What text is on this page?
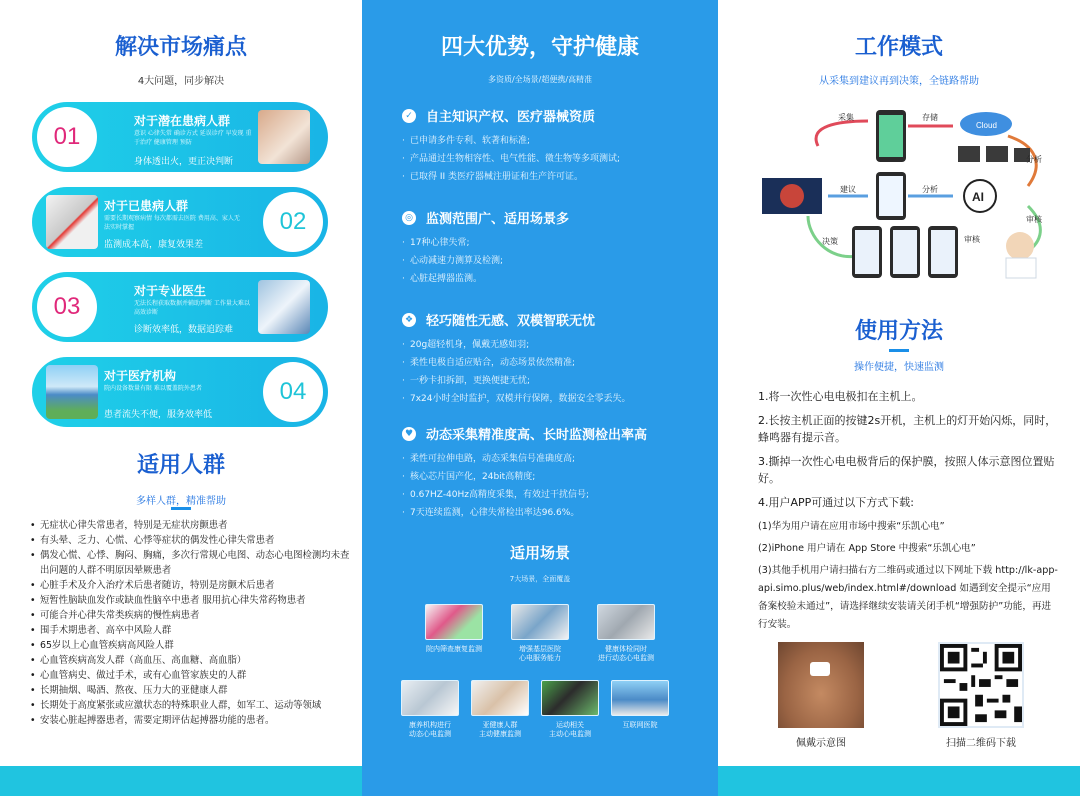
解决市场痛点
4大问题，同步解决
01
对于潜在患病人群
意识 心律失常 确诊方式 延误诊疗 早发现 重于治疗 健康管理 预防
身体透出火，更正决判断
对于已患病人群
需要长期观察病情 每次都需去医院 费用高、家人无法实时掌握
监测成本高，康复效果差
02
03
对于专业医生
无法长程获取数据并辅助判断 工作量大难以高效诊断
诊断效率低，数据追踪难
对于医疗机构
院内设备数量有限 难以覆盖院外患者
患者流失不便，服务效率低
04
适用人群
多样人群，精准帮助
• 无症状心律失常患者，特别是无症状房颤患者
• 有头晕、乏力、心慌、心悸等症状的偶发性心律失常患者
• 偶发心慌、心悸、胸闷、胸痛，多次行常规心电图、动态心电图检测均未查出问题的人群不明原因晕厥患者
• 心脏手术及介入治疗术后患者随访，特别是房颤术后患者
• 短暂性脑缺血发作或缺血性脑卒中患者 服用抗心律失常药物患者
• 可能合并心律失常类疾病的慢性病患者
• 围手术期患者、高卒中风险人群
• 65岁以上心血管疾病高风险人群
• 心血管疾病高发人群（高血压、高血糖、高血脂）
• 心血管病史、做过手术，或有心血管家族史的人群
• 长期抽烟、喝酒、熬夜、压力大的亚健康人群
• 长期处于高度紧张或应激状态的特殊职业人群，如军工、运动等领域
• 安装心脏起搏器患者，需要定期评估起搏器功能的患者。
四大优势，守护健康
多资质/全场景/超便携/高精准
✓ 自主知识产权、医疗器械资质
· 已申请多件专利、软著和标准;
· 产品通过生物相容性、电气性能、微生物等多项测试;
· 已取得 II 类医疗器械注册证和生产许可证。
◎ 监测范围广、适用场景多
· 17种心律失常;
· 心动减速力测算及检测;
· 心脏起搏器监测。
❖ 轻巧随性无感、双模智联无忧
· 20g超轻机身，佩戴无感如羽;
· 柔性电极自适应贴合，动态场景依然精准;
· 一秒卡扣拆卸，更换便捷无忧;
· 7x24小时全时监护，双模并行保障，数据安全零丢失。
♥ 动态采集精准度高、长时监测检出率高
· 柔性可拉伸电路，动态采集信号准确度高;
· 核心芯片国产化，24bit高精度;
· 0.67HZ-40Hz高精度采集，有效过干扰信号;
· 7天连续监测，心律失常检出率达96.6%。
适用场景
7大场景，全面覆盖
院内筛查康复监测	增强基层医院
心电服务能力
健康体检同时
进行动态心电监测
康养机构进行
动态心电监测
亚健康人群
主动健康监测
运动相关
主动心电监测
互联网医院
工作模式
从采集到建议再到决策，全链路帮助
Cloud
AI
采集	存储
分析
建议	分析
审核
决策	审核
使用方法
操作便捷，快速监测

1.将一次性心电电极扣在主机上。

2.长按主机正面的按键2s开机，主机上的灯开始闪烁，同时，蜂鸣器有提示音。

3.撕掉一次性心电电极背后的保护膜，按照人体示意图位置贴好。

4.用户APP可通过以下方式下载:

(1)华为用户请在应用市场中搜索“乐凯心电”

(2)iPhone 用户请在 App Store 中搜索“乐凯心电”

(3)其他手机用户请扫描右方二维码或通过以下网址下载 http://lk-app-api.simo.plus/web/index.html#/download 如遇到安全提示“应用备案校验未通过”，请选择继续安装请关闭手机“增强防护”功能，再进行安装。

佩戴示意图	扫描二维码下载
